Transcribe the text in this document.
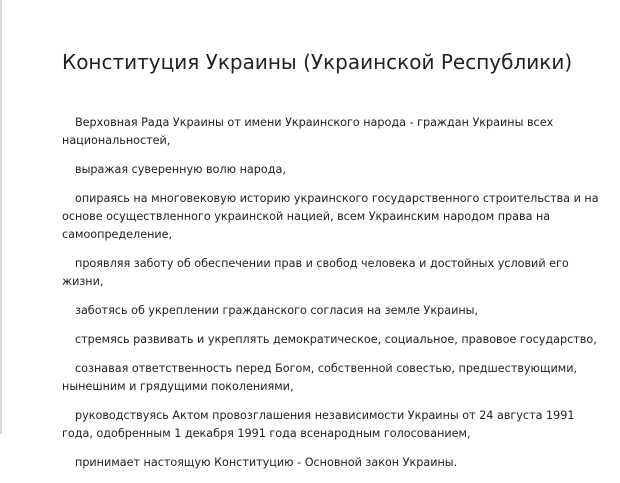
Конституция Украины (Украинской Республики)

Верховная Рада Украины от имени Украинского народа - граждан Украины всех национальностей,

выражая суверенную волю народа,

опираясь на многовековую историю украинского государственного строительства и на основе осуществленного украинской нацией, всем Украинским народом права на самоопределение,

проявляя заботу об обеспечении прав и свобод человека и достойных условий его жизни,

заботясь об укреплении гражданского согласия на земле Украины,

стремясь развивать и укреплять демократическое, социальное, правовое государство,

сознавая ответственность перед Богом, собственной совестью, предшествующими, нынешним и грядущими поколениями,

руководствуясь Актом провозглашения независимости Украины от 24 августа 1991 года, одобренным 1 декабря 1991 года всенародным голосованием,

принимает настоящую Конституцию - Основной закон Украины.
